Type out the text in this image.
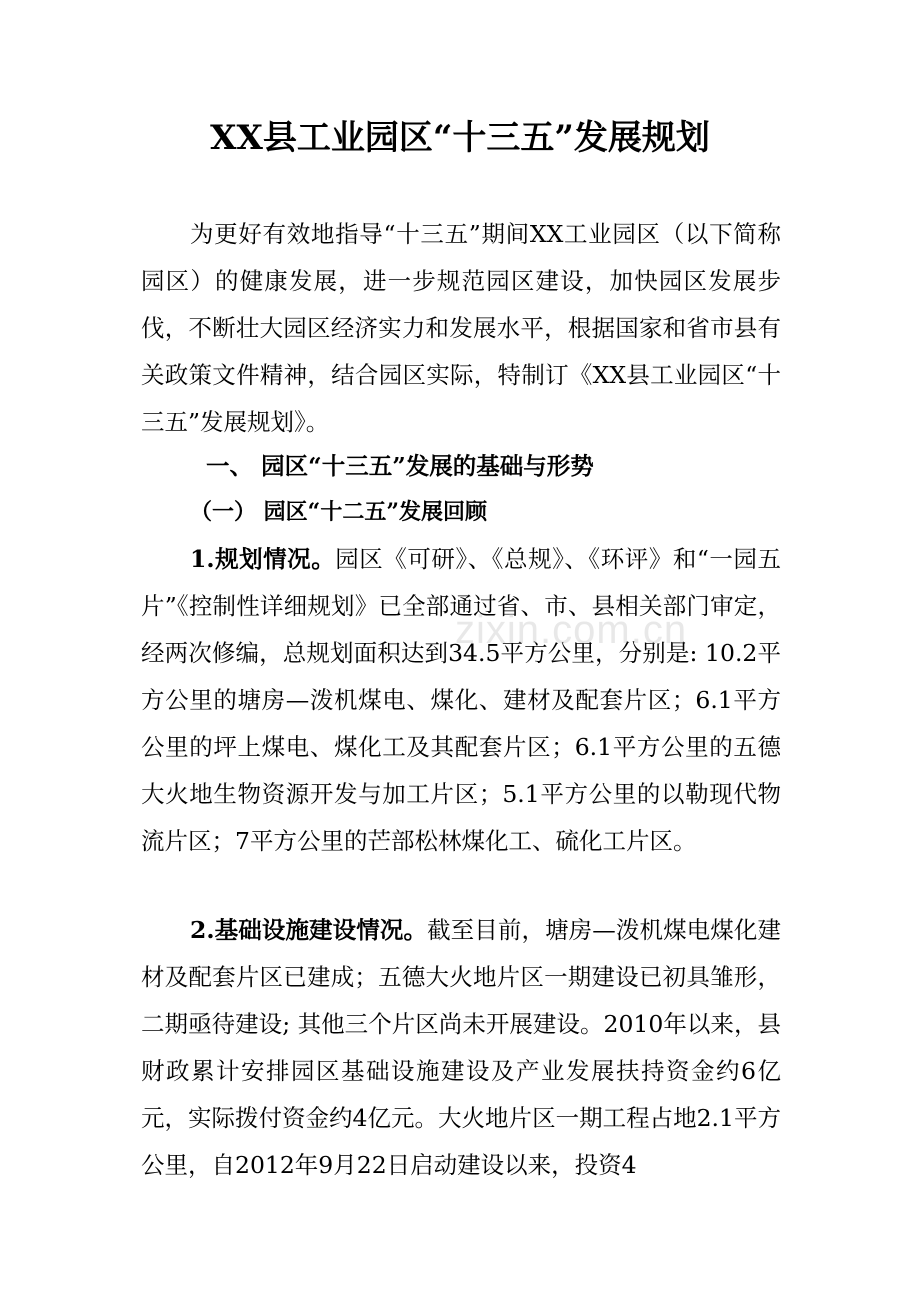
XX县工业园区“十三五”发展规划

为更好有效地指导“十三五”期间XX工业园区（以下简称园区）的健康发展，进一步规范园区建设，加快园区发展步伐，不断壮大园区经济实力和发展水平，根据国家和省市县有关政策文件精神，结合园区实际，特制订《XX县工业园区“十三五”发展规划》。

一、 园区“十三五”发展的基础与形势
（一） 园区“十二五”发展回顾

1.规划情况。园区《可研》、《总规》、《环评》和“一园五片”《控制性详细规划》已全部通过省、市、县相关部门审定，经两次修编，总规划面积达到34.5平方公里，分别是: 10.2平方公里的塘房—泼机煤电、煤化、建材及配套片区；6.1平方公里的坪上煤电、煤化工及其配套片区；6.1平方公里的五德大火地生物资源开发与加工片区；5.1平方公里的以勒现代物流片区；7平方公里的芒部松林煤化工、硫化工片区。

2.基础设施建设情况。截至目前，塘房—泼机煤电煤化建材及配套片区已建成；五德大火地片区一期建设已初具雏形，二期亟待建设; 其他三个片区尚未开展建设。2010年以来，县财政累计安排园区基础设施建设及产业发展扶持资金约6亿元，实际拨付资金约4亿元。大火地片区一期工程占地2.1平方公里，自2012年9月22日启动建设以来，投资4

zixin.com.cn
